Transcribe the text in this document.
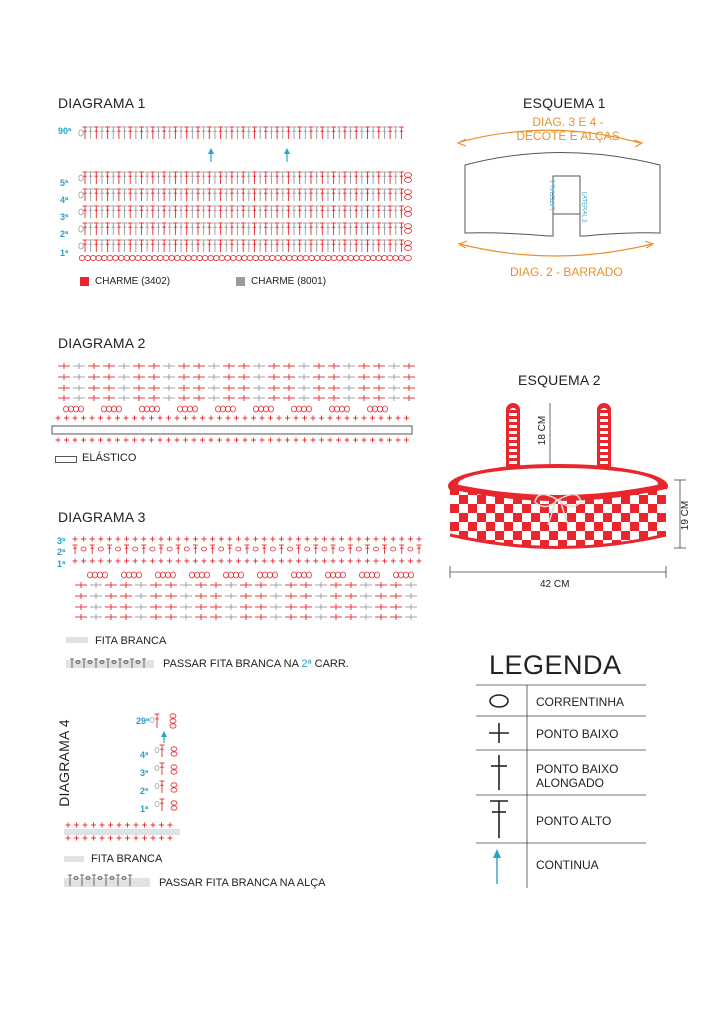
DIAGRAMA 1
90ª
5ª
4ª
3ª
2ª
1ª
CHARME (3402)	CHARME (8001)
ESQUEMA 1
DIAG. 3 E 4 -
DECOTE E ALÇAS
DIAG. 2 - BARRADO
LATERAL 1	LATERAL 2
DIAGRAMA 2
ELÁSTICO
ESQUEMA 2
18 CM
19 CM
42 CM
DIAGRAMA 3
3ª
2ª
1ª
FITA BRANCA
PASSAR FITA BRANCA NA 2ª CARR.
DIAGRAMA 4	29ª
4ª
3ª
2ª
1ª
FITA BRANCA
PASSAR FITA BRANCA NA ALÇA
LEGENDA
CORRENTINHA
PONTO BAIXO
PONTO BAIXO
ALONGADO
PONTO ALTO
CONTINUA
